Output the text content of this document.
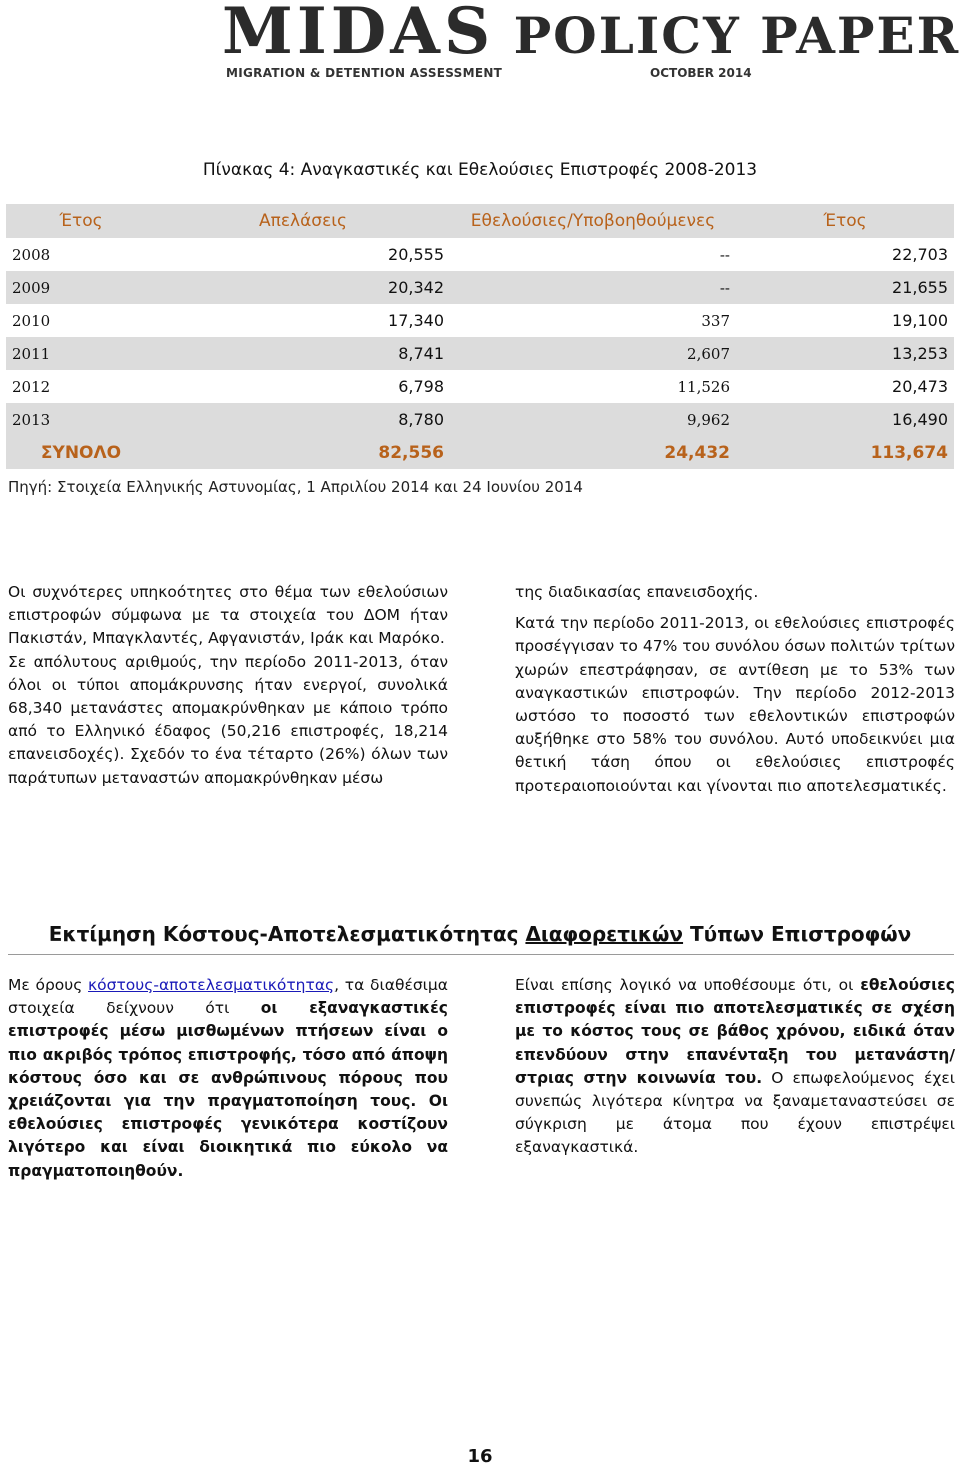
MIDAS POLICY PAPER
MIGRATION & DETENTION ASSESSMENT	OCTOBER 2014
Πίνακας 4: Αναγκαστικές και Εθελούσιες Επιστροφές 2008-2013
Έτος	Απελάσεις	Εθελούσιες/Υποβοηθούμενες	Έτος
2008	20,555	--	22,703
2009	20,342	--	21,655
2010	17,340	337	19,100
2011	8,741	2,607	13,253
2012	6,798	11,526	20,473
2013	8,780	9,962	16,490
ΣΥΝΟΛΟ	82,556	24,432	113,674
Πηγή: Στοιχεία Ελληνικής Αστυνομίας, 1 Απριλίου 2014 και 24 Ιουνίου 2014

Οι συχνότερες υπηκοότητες στο θέμα των εθελούσιων επιστροφών σύμφωνα με τα στοιχεία του ΔΟΜ ήταν Πακιστάν, Μπαγκλαντές, Αφγανιστάν, Ιράκ και Μαρόκο.

Σε απόλυτους αριθμούς, την περίοδο 2011-2013, όταν όλοι οι τύποι απομάκρυνσης ήταν ενεργοί, συνολικά 68,340 μετανάστες απομακρύνθηκαν με κάποιο τρόπο από το Ελληνικό έδαφος (50,216 επιστροφές, 18,214 επανεισδοχές). Σχεδόν το ένα τέταρτο (26%) όλων των παράτυπων μεταναστών απομακρύνθηκαν μέσω

της διαδικασίας επανεισδοχής.

Κατά την περίοδο 2011-2013, οι εθελούσιες επιστροφές προσέγγισαν το 47% του συνόλου όσων πολιτών τρίτων χωρών επεστράφησαν, σε αντίθεση με το 53% των αναγκαστικών επιστροφών. Την περίοδο 2012-2013 ωστόσο το ποσοστό των εθελοντικών επιστροφών αυξήθηκε στο 58% του συνόλου. Αυτό υποδεικνύει μια θετική τάση όπου οι εθελούσιες επιστροφές προτεραιοποιούνται και γίνονται πιο αποτελεσματικές.

Εκτίμηση Κόστους-Αποτελεσματικότητας Διαφορετικών Τύπων Επιστροφών

Με όρους κόστους-αποτελεσματικότητας, τα διαθέσιμα στοιχεία δείχνουν ότι οι εξαναγκαστικές επιστροφές μέσω μισθωμένων πτήσεων είναι ο πιο ακριβός τρόπος επιστροφής, τόσο από άποψη κόστους όσο και σε ανθρώπινους πόρους που χρειάζονται για την πραγματοποίηση τους. Οι εθελούσιες επιστροφές γενικότερα κοστίζουν λιγότερο και είναι διοικητικά πιο εύκολο να πραγματοποιηθούν.

Είναι επίσης λογικό να υποθέσουμε ότι, οι εθελούσιες επιστροφές είναι πιο αποτελεσματικές σε σχέση με το κόστος τους σε βάθος χρόνου, ειδικά όταν επενδύουν στην επανένταξη του μετανάστη/στριας στην κοινωνία του. Ο επωφελούμενος έχει συνεπώς λιγότερα κίνητρα να ξαναμεταναστεύσει σε σύγκριση με άτομα που έχουν επιστρέψει εξαναγκαστικά.

16
